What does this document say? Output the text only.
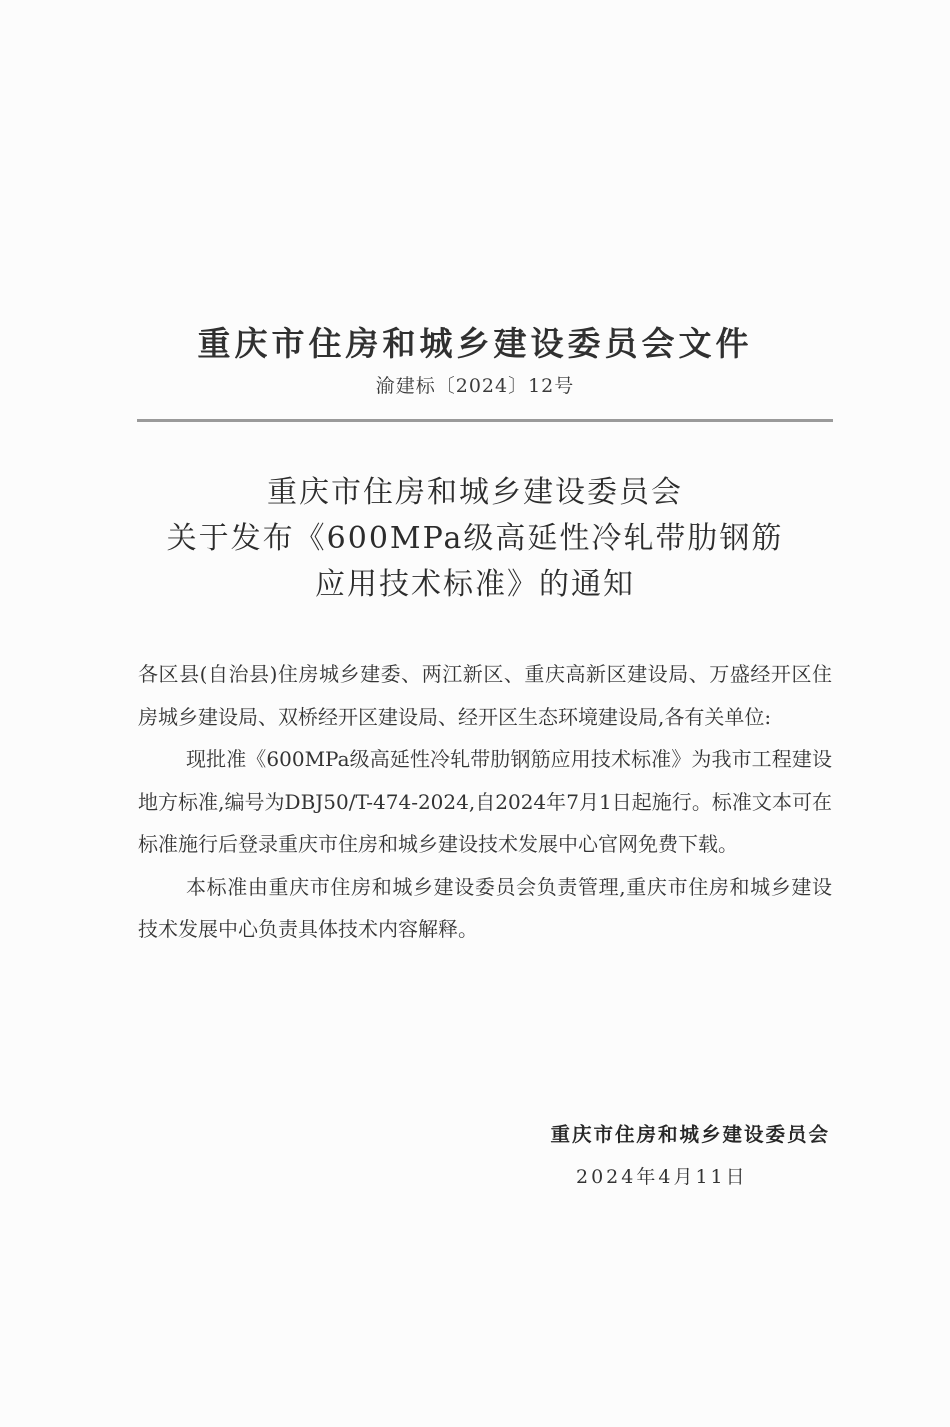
重庆市住房和城乡建设委员会文件
渝建标〔2024〕12号
重庆市住房和城乡建设委员会
关于发布《600MPa级高延性冷轧带肋钢筋
应用技术标准》的通知

各区县(自治县)住房城乡建委、两江新区、重庆高新区建设局、万盛经开区住房城乡建设局、双桥经开区建设局、经开区生态环境建设局,各有关单位:

现批准《600MPa级高延性冷轧带肋钢筋应用技术标准》为我市工程建设地方标准,编号为DBJ50/T-474-2024,自2024年7月1日起施行。标准文本可在标准施行后登录重庆市住房和城乡建设技术发展中心官网免费下载。

本标准由重庆市住房和城乡建设委员会负责管理,重庆市住房和城乡建设技术发展中心负责具体技术内容解释。

重庆市住房和城乡建设委员会
2024年4月11日
